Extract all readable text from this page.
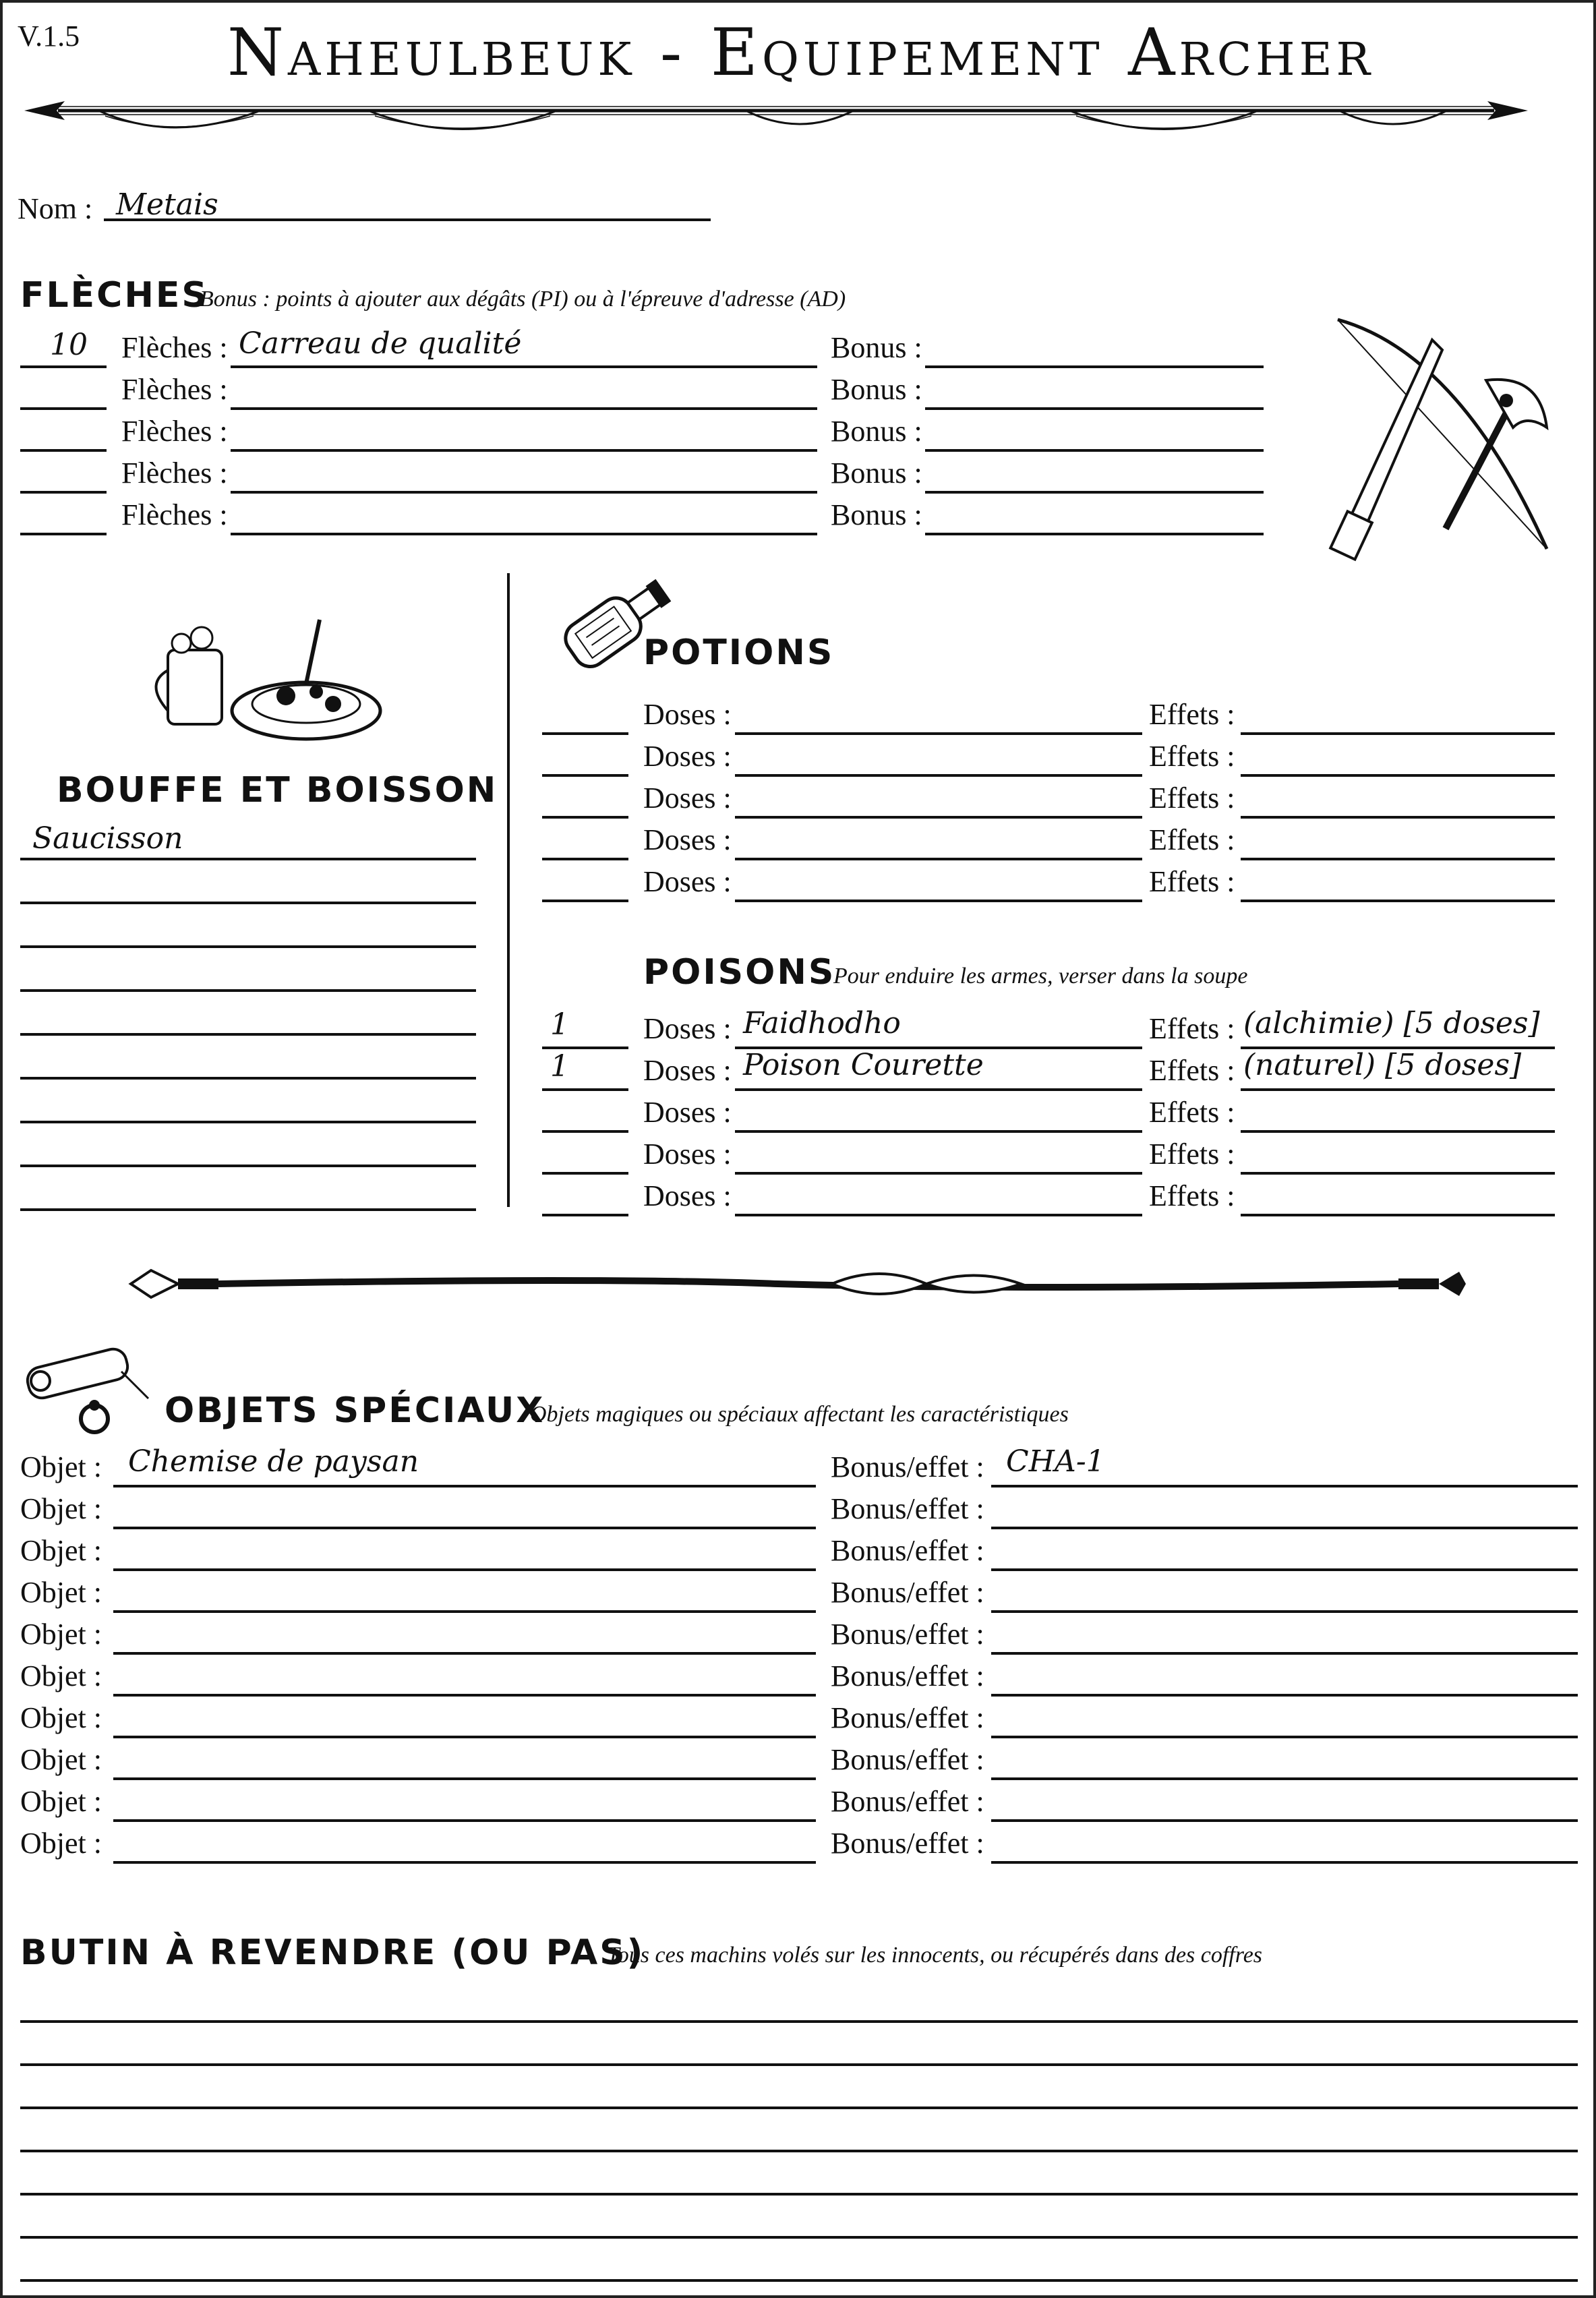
V.1.5	Naheulbeuk - Equipement Archer
Nom : Metais
FLÈCHES
Bonus : points à ajouter aux dégâts (PI) ou à l'épreuve d'adresse (AD)
10 Flèches : Carreau de qualité	Bonus :
Flèches :	Bonus :
Flèches :	Bonus :
Flèches :	Bonus :
Flèches :	Bonus :
BOUFFE ET BOISSON
Saucisson
POTIONS
Doses :	Effets :
Doses :	Effets :
Doses :	Effets :
Doses :	Effets :
Doses :	Effets :
POISONS
Pour enduire les armes, verser dans la soupe
1	Doses : Faidhodho	Effets : (alchimie) [5 doses]
1	Doses : Poison Courette	Effets : (naturel) [5 doses]
Doses :	Effets :
Doses :	Effets :
Doses :	Effets :
OBJETS SPÉCIAUX
Objets magiques ou spéciaux affectant les caractéristiques
Objet : Chemise de paysan	Bonus/effet : CHA-1
Objet :	Bonus/effet :
Objet :	Bonus/effet :
Objet :	Bonus/effet :
Objet :	Bonus/effet :
Objet :	Bonus/effet :
Objet :	Bonus/effet :
Objet :	Bonus/effet :
Objet :	Bonus/effet :
Objet :	Bonus/effet :
BUTIN À REVENDRE (OU PAS)
Tous ces machins volés sur les innocents, ou récupérés dans des coffres
